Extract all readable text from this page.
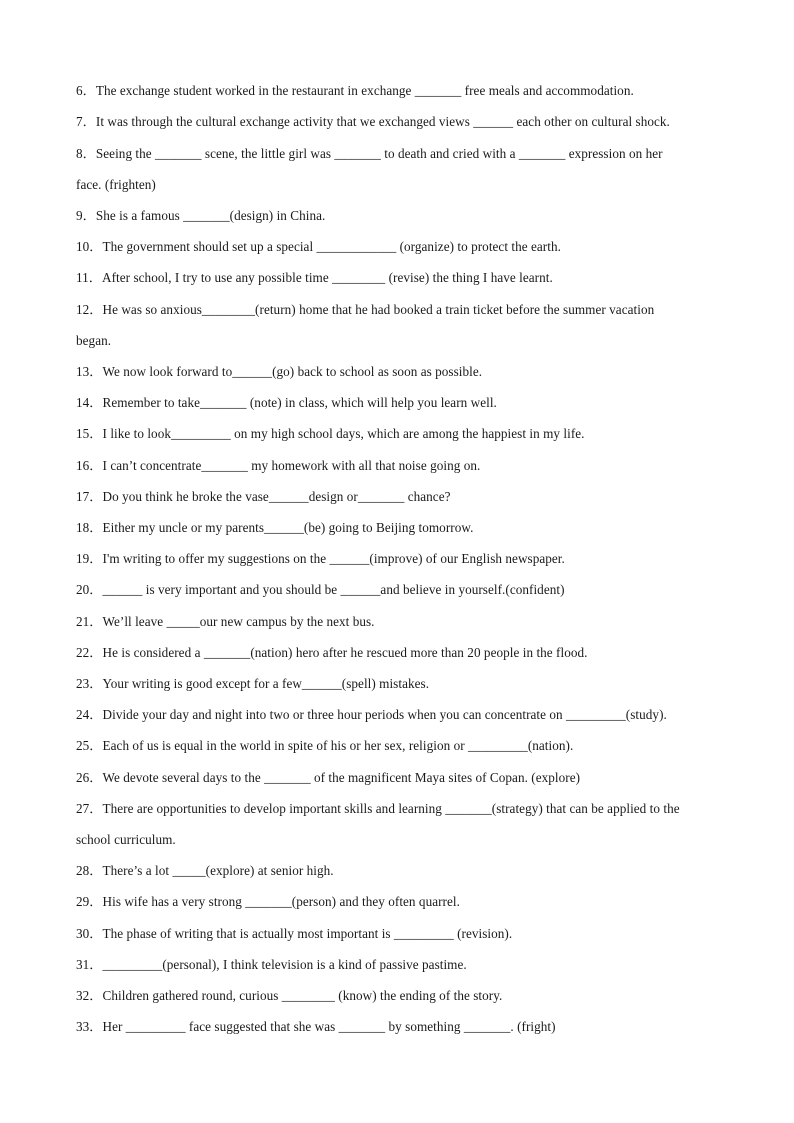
6．The exchange student worked in the restaurant in exchange _______ free meals and accommodation.
7．It was through the cultural exchange activity that we exchanged views ______ each other on cultural shock.
8．Seeing the _______ scene, the little girl was _______ to death and cried with a _______ expression on her
face. (frighten)
9．She is a famous _______(design) in China.
10．The government should set up a special ____________ (organize) to protect the earth.
11．After school, I try to use any possible time ________ (revise) the thing I have learnt.
12．He was so anxious________(return) home that he had booked a train ticket before the summer vacation
began.
13．We now look forward to______(go) back to school as soon as possible.
14．Remember to take_______ (note) in class, which will help you learn well.
15．I like to look_________ on my high school days, which are among the happiest in my life.
16．I can’t concentrate_______ my homework with all that noise going on.
17．Do you think he broke the vase______design or_______ chance?
18．Either my uncle or my parents______(be) going to Beijing tomorrow.
19．I'm writing to offer my suggestions on the ______(improve) of our English newspaper.
20．______ is very important and you should be ______and believe in yourself.(confident)
21．We’ll leave _____our new campus by the next bus.
22．He is considered a _______(nation) hero after he rescued more than 20 people in the flood.
23．Your writing is good except for a few______(spell) mistakes.
24．Divide your day and night into two or three hour periods when you can concentrate on _________(study).
25．Each of us is equal in the world in spite of his or her sex, religion or _________(nation).
26．We devote several days to the _______ of the magnificent Maya sites of Copan. (explore)
27．There are opportunities to develop important skills and learning _______(strategy) that can be applied to the
school curriculum.
28．There’s a lot _____(explore) at senior high.
29．His wife has a very strong _______(person) and they often quarrel.
30．The phase of writing that is actually most important is _________ (revision).
31．_________(personal), I think television is a kind of passive pastime.
32．Children gathered round, curious ________ (know) the ending of the story.
33．Her _________ face suggested that she was _______ by something _______. (fright)
